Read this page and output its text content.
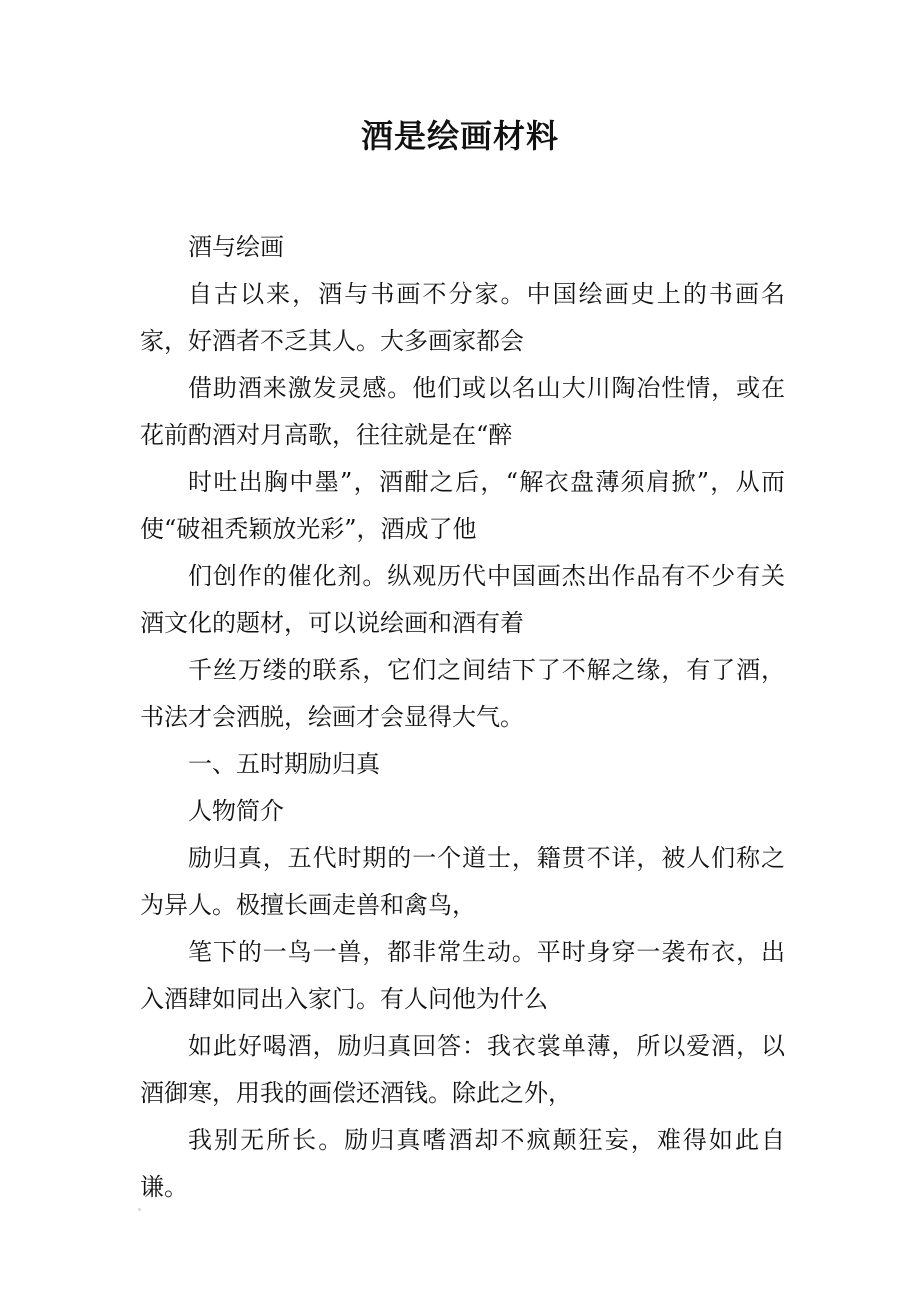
酒是绘画材料

酒与绘画

自古以来，酒与书画不分家。中国绘画史上的书画名家，好酒者不乏其人。大多画家都会

借助酒来激发灵感。他们或以名山大川陶冶性情，或在花前酌酒对月高歌，往往就是在“醉

时吐出胸中墨”，酒酣之后，“解衣盘薄须肩掀”，从而使“破祖秃颖放光彩”，酒成了他

们创作的催化剂。纵观历代中国画杰出作品有不少有关酒文化的题材，可以说绘画和酒有着

千丝万缕的联系，它们之间结下了不解之缘，有了酒，书法才会洒脱，绘画才会显得大气。

一、五时期励归真

人物简介

励归真，五代时期的一个道士，籍贯不详，被人们称之为异人。极擅长画走兽和禽鸟，

笔下的一鸟一兽，都非常生动。平时身穿一袭布衣，出入酒肆如同出入家门。有人问他为什么

如此好喝酒，励归真回答：我衣裳单薄，所以爱酒，以酒御寒，用我的画偿还酒钱。除此之外，

我别无所长。励归真嗜酒却不疯颠狂妄，难得如此自谦。
